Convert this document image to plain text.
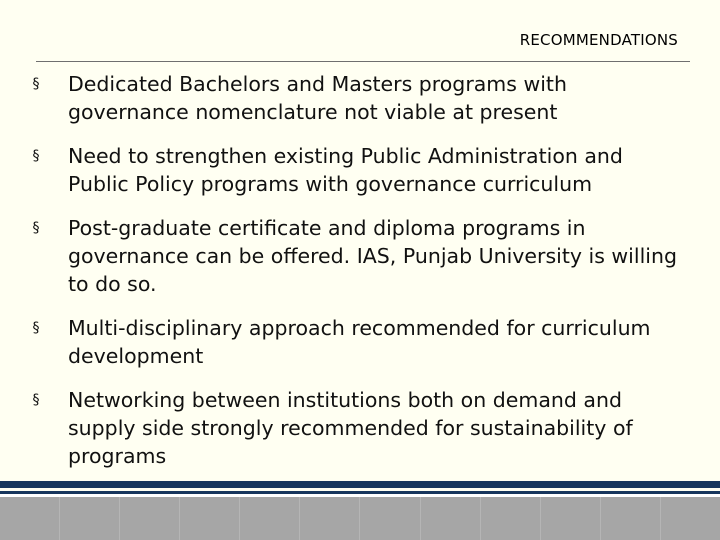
RECOMMENDATIONS
§ Dedicated Bachelors and Masters programs with governance nomenclature not viable at present
§ Need to strengthen existing Public Administration and Public Policy programs with governance curriculum
§ Post-graduate certificate and diploma programs in governance can be offered. IAS, Punjab University is willing to do so.
§ Multi-disciplinary approach recommended for curriculum development
§ Networking between institutions both on demand and supply side strongly recommended for sustainability of programs
